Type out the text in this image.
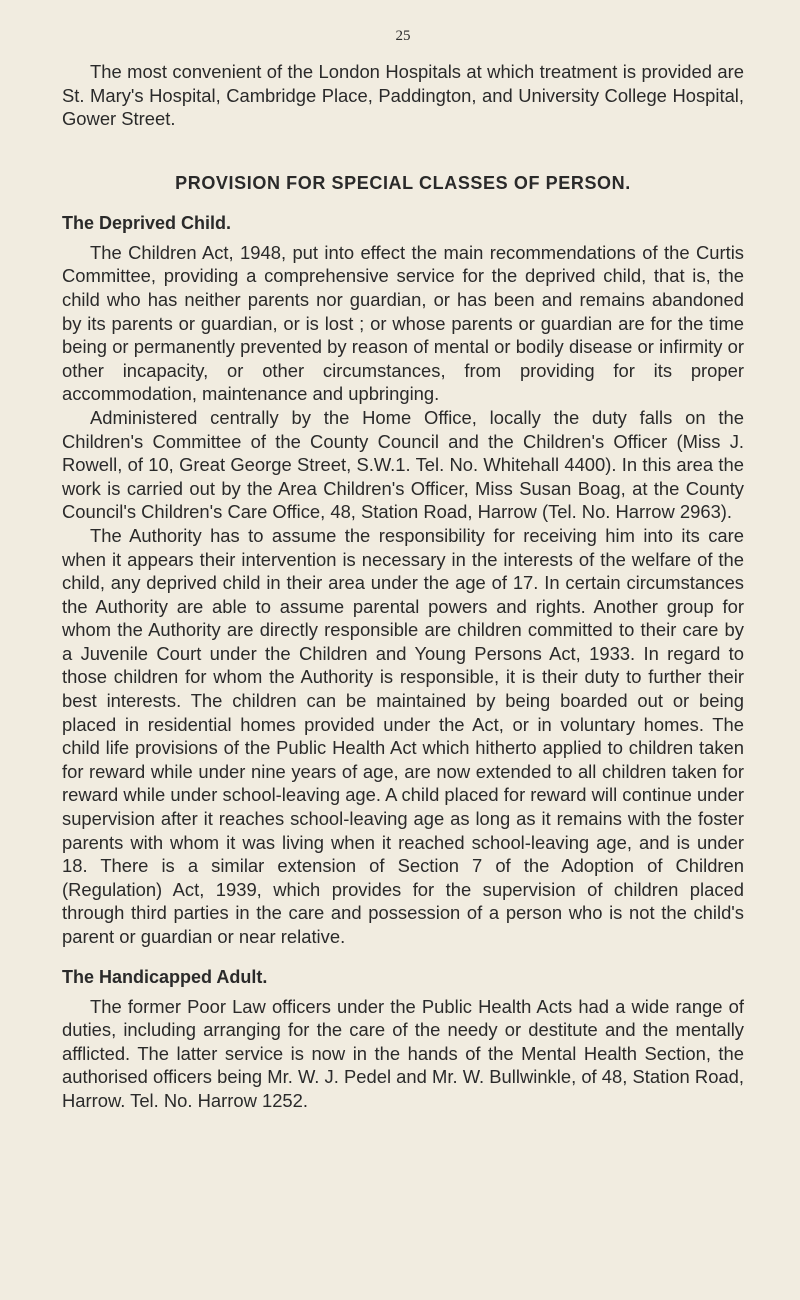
25

The most convenient of the London Hospitals at which treatment is provided are St. Mary's Hospital, Cambridge Place, Paddington, and University College Hospital, Gower Street.

PROVISION FOR SPECIAL CLASSES OF PERSON.
The Deprived Child.

The Children Act, 1948, put into effect the main recommendations of the Curtis Committee, providing a comprehensive service for the deprived child, that is, the child who has neither parents nor guardian, or has been and remains abandoned by its parents or guardian, or is lost ; or whose parents or guardian are for the time being or permanently prevented by reason of mental or bodily disease or infirmity or other incapacity, or other circumstances, from providing for its proper accommodation, maintenance and upbringing.

Administered centrally by the Home Office, locally the duty falls on the Children's Committee of the County Council and the Children's Officer (Miss J. Rowell, of 10, Great George Street, S.W.1. Tel. No. Whitehall 4400). In this area the work is carried out by the Area Children's Officer, Miss Susan Boag, at the County Council's Children's Care Office, 48, Station Road, Harrow (Tel. No. Harrow 2963).

The Authority has to assume the responsibility for receiving him into its care when it appears their intervention is necessary in the interests of the welfare of the child, any deprived child in their area under the age of 17. In certain circumstances the Authority are able to assume parental powers and rights. Another group for whom the Authority are directly responsible are children committed to their care by a Juvenile Court under the Children and Young Persons Act, 1933. In regard to those children for whom the Authority is responsible, it is their duty to further their best interests. The children can be maintained by being boarded out or being placed in residential homes provided under the Act, or in voluntary homes. The child life provisions of the Public Health Act which hitherto applied to children taken for reward while under nine years of age, are now extended to all children taken for reward while under school-leaving age. A child placed for reward will continue under supervision after it reaches school-leaving age as long as it remains with the foster parents with whom it was living when it reached school-leaving age, and is under 18. There is a similar extension of Section 7 of the Adoption of Children (Regulation) Act, 1939, which provides for the supervision of children placed through third parties in the care and possession of a person who is not the child's parent or guardian or near relative.

The Handicapped Adult.

The former Poor Law officers under the Public Health Acts had a wide range of duties, including arranging for the care of the needy or destitute and the mentally afflicted. The latter service is now in the hands of the Mental Health Section, the authorised officers being Mr. W. J. Pedel and Mr. W. Bullwinkle, of 48, Station Road, Harrow. Tel. No. Harrow 1252.
